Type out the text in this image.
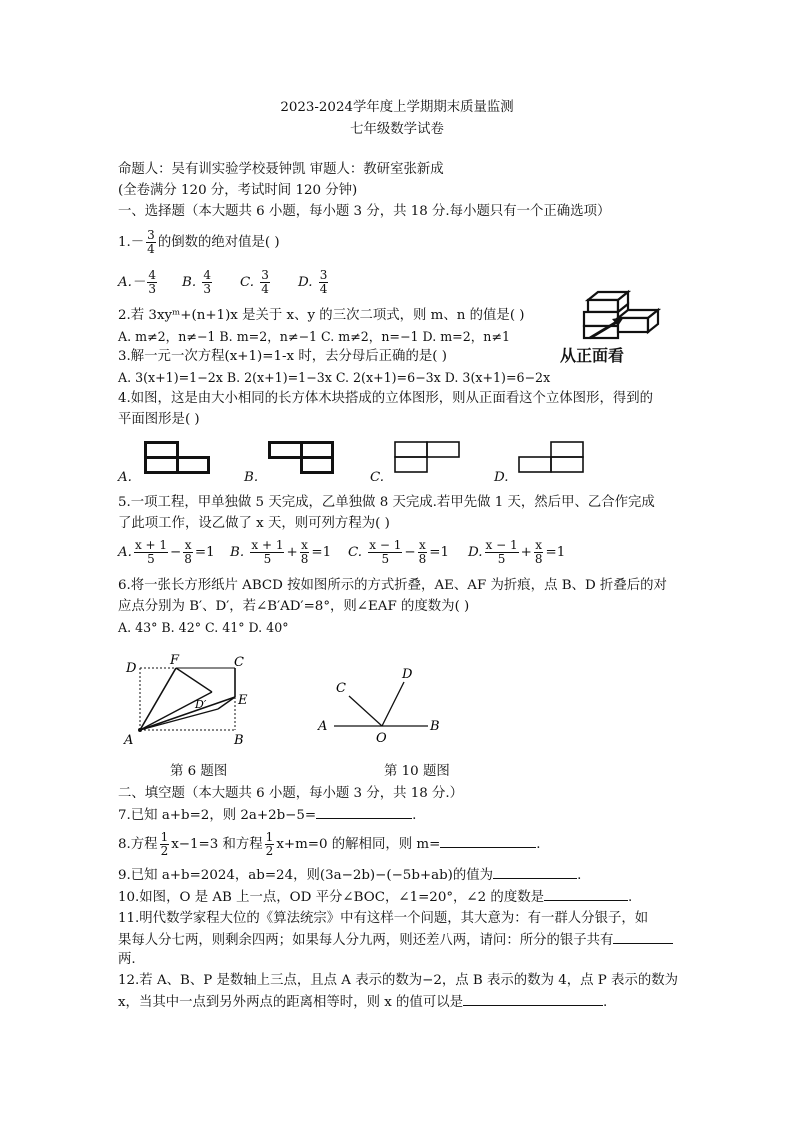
2023-2024学年度上学期期末质量监测
七年级数学试卷
命题人：吴有训实验学校聂钟凯 审题人：教研室张新成
(全卷满分 120 分，考试时间 120 分钟)
一、选择题（本大题共 6 小题，每小题 3 分，共 18 分.每小题只有一个正确选项）
$1.- \frac{3}{4}$ 的倒数的绝对值是( )
$A.- \frac{4}{3} B$. $\frac{4}{3} C$. $\frac{3}{4} D$. $\frac{3}{4}$
2.若 3xyᵐ+(n+1)x 是关于 x、y 的三次二项式，则 m、n 的值是( )
A. m≠2，n≠−1 B. m=2，n≠−1 C. m≠2，n=−1 D. m=2，n≠1
从正面看
3.解一元一次方程(x+1)=1-x 时，去分母后正确的是( )
A. 3(x+1)=1−2x B. 2(x+1)=1−3x C. 2(x+1)=6−3x D. 3(x+1)=6−2x
4.如图，这是由大小相同的长方体木块搭成的立体图形，则从正面看这个立体图形，得到的
平面图形是( )
A.	B.	C.	D.
5.一项工程，甲单独做 5 天完成，乙单独做 8 天完成.若甲先做 1 天，然后甲、乙合作完成
了此项工作，设乙做了 x 天，则可列方程为( )
A. $\frac{x + 1}{5} - \frac{x}{8} =1$ B. $\frac{x + 1}{5} + \frac{x}{8} =1$ C. $\frac{x - 1}{5} - \frac{x}{8} =1$ D. $\frac{x - 1}{5} + \frac{x}{8} =1$
6.将一张长方形纸片 ABCD 按如图所示的方式折叠，AE、AF 为折痕，点 B、D 折叠后的对
应点分别为 B′、D′，若∠B′AD′=8°，则∠EAF 的度数为( )
A. 43° B. 42° C. 41° D. 40°
A	B
C
D
E
F
D′
A	B
C
D
O
第 6 题图	第 10 题图
二、填空题（本大题共 6 小题，每小题 3 分，共 18 分.）
7.已知 a+b=2，则 2a+2b−5=	.
8.方程 $\frac{1}{2} x-1=3$ 和方程 $\frac{1}{2} x+m=0$ 的解相同，则 m=	.
9.已知 a+b=2024，ab=24，则(3a−2b)−(−5b+ab)的值为	.
10.如图，O 是 AB 上一点，OD 平分∠BOC，∠1=20°，∠2 的度数是	.
11.明代数学家程大位的《算法统宗》中有这样一个问题，其大意为：有一群人分银子，如
果每人分七两，则剩余四两；如果每人分九两，则还差八两，请问：所分的银子共有
两.
12.若 A、B、P 是数轴上三点，且点 A 表示的数为−2，点 B 表示的数为 4，点 P 表示的数为
x，当其中一点到另外两点的距离相等时，则 x 的值可以是	.
